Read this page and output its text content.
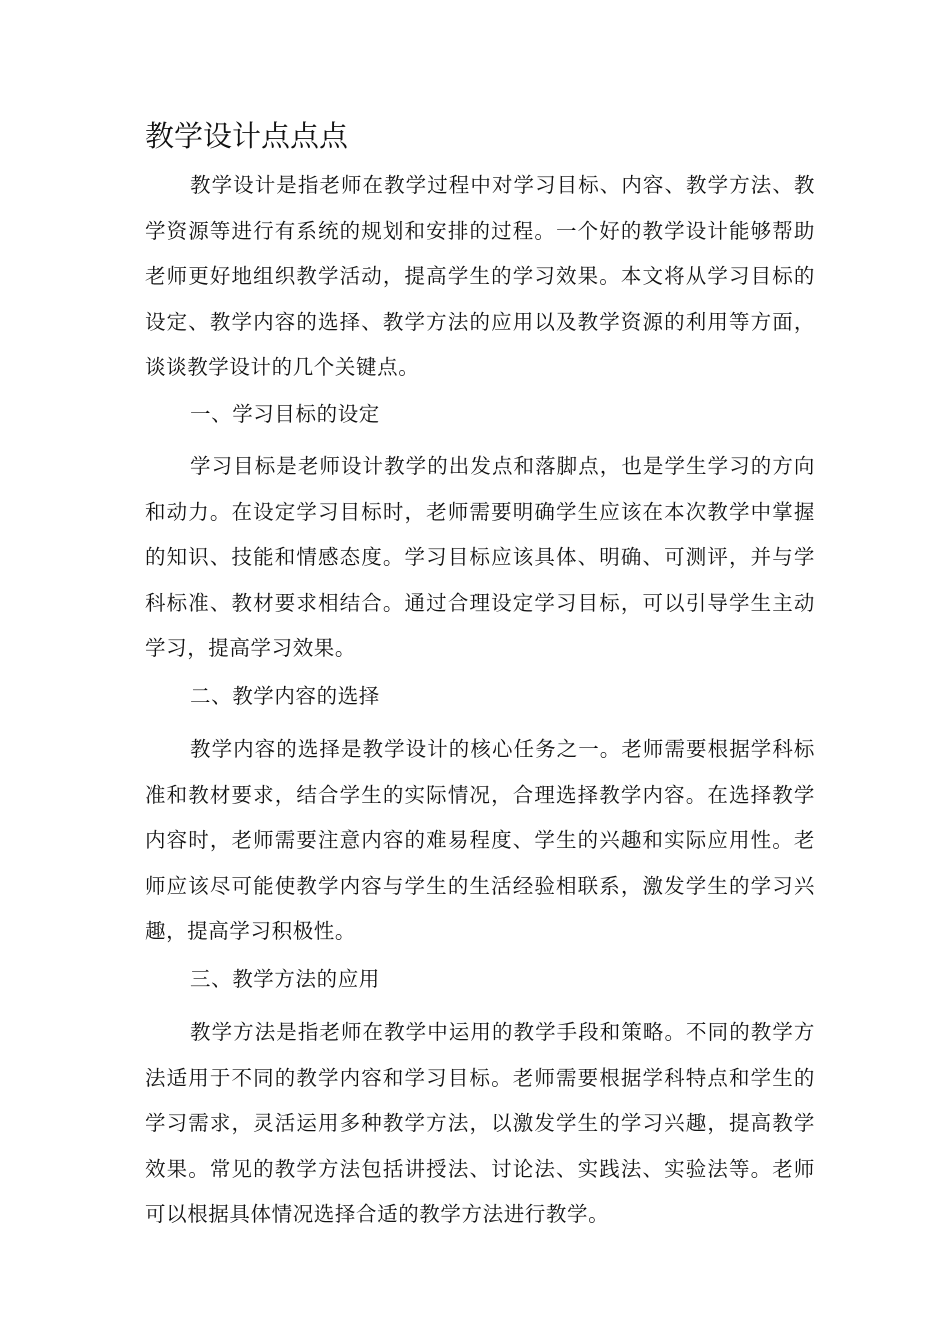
教学设计点点点

教学设计是指老师在教学过程中对学习目标、内容、教学方法、教学资源等进行有系统的规划和安排的过程。一个好的教学设计能够帮助老师更好地组织教学活动，提高学生的学习效果。本文将从学习目标的设定、教学内容的选择、教学方法的应用以及教学资源的利用等方面，谈谈教学设计的几个关键点。

一、学习目标的设定

学习目标是老师设计教学的出发点和落脚点，也是学生学习的方向和动力。在设定学习目标时，老师需要明确学生应该在本次教学中掌握的知识、技能和情感态度。学习目标应该具体、明确、可测评，并与学科标准、教材要求相结合。通过合理设定学习目标，可以引导学生主动学习，提高学习效果。

二、教学内容的选择

教学内容的选择是教学设计的核心任务之一。老师需要根据学科标准和教材要求，结合学生的实际情况，合理选择教学内容。在选择教学内容时，老师需要注意内容的难易程度、学生的兴趣和实际应用性。老师应该尽可能使教学内容与学生的生活经验相联系，激发学生的学习兴趣，提高学习积极性。

三、教学方法的应用

教学方法是指老师在教学中运用的教学手段和策略。不同的教学方法适用于不同的教学内容和学习目标。老师需要根据学科特点和学生的学习需求，灵活运用多种教学方法，以激发学生的学习兴趣，提高教学效果。常见的教学方法包括讲授法、讨论法、实践法、实验法等。老师可以根据具体情况选择合适的教学方法进行教学。
